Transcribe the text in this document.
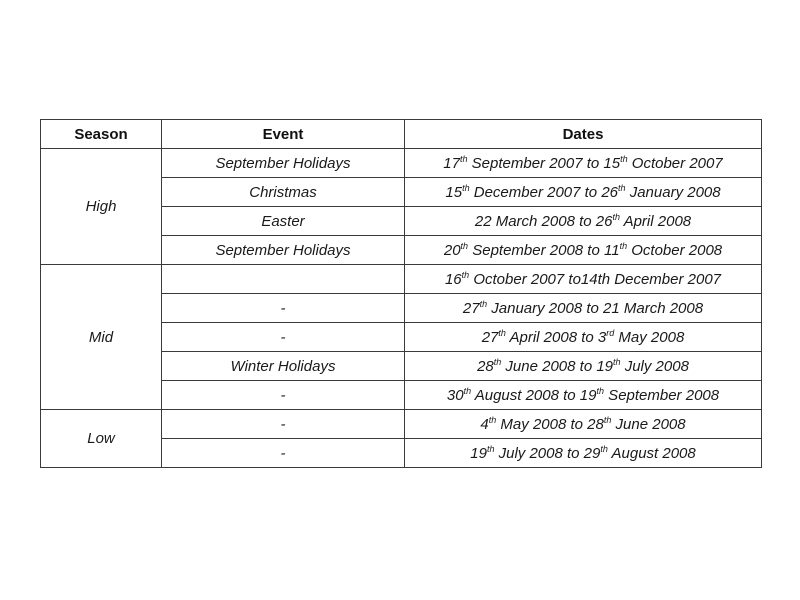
Season	Event	Dates
High	September Holidays	17th September 2007 to 15th October 2007
	Christmas	15th December 2007 to 26th January 2008
	Easter	22 March 2008 to 26th April 2008
	September Holidays	20th September 2008 to 11th October 2008
Mid		16th October 2007 to14th December 2007
	-	27th January 2008 to 21 March 2008
	-	27th April 2008 to 3rd May 2008
	Winter Holidays	28th June 2008 to 19th July 2008
	-	30th August 2008 to 19th September 2008
Low	-	4th May 2008 to 28th June 2008
	-	19th July 2008 to 29th August 2008
